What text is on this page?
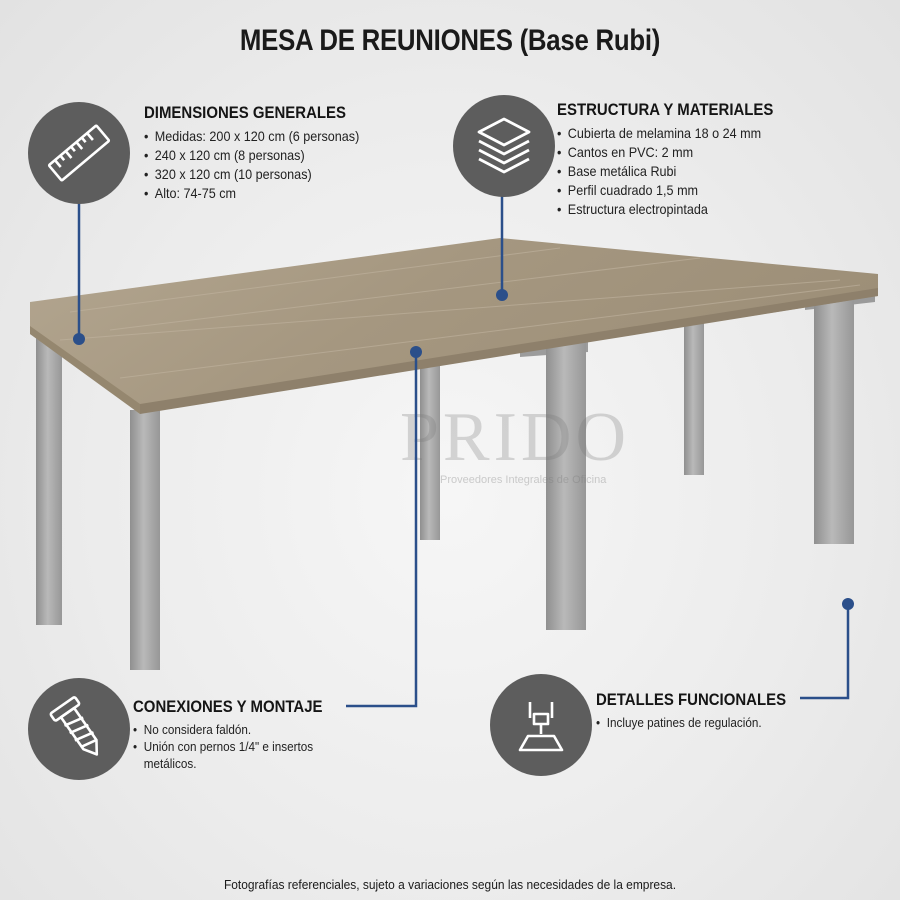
MESA DE REUNIONES (Base Rubi)
PRIDO
Proveedores Integrales de Oficina
DIMENSIONES GENERALES
• Medidas: 200 x 120 cm (6 personas)
• 240 x 120 cm (8 personas)
• 320 x 120 cm (10 personas)
• Alto: 74-75 cm
ESTRUCTURA Y MATERIALES
• Cubierta de melamina 18 o 24 mm
• Cantos en PVC: 2 mm
• Base metálica Rubi
• Perfil cuadrado 1,5 mm
• Estructura electropintada
CONEXIONES Y MONTAJE
• No considera faldón.
• Unión con pernos 1/4" e insertos
metálicos.
DETALLES FUNCIONALES
• Incluye patines de regulación.
Fotografías referenciales, sujeto a variaciones según las necesidades de la empresa.
